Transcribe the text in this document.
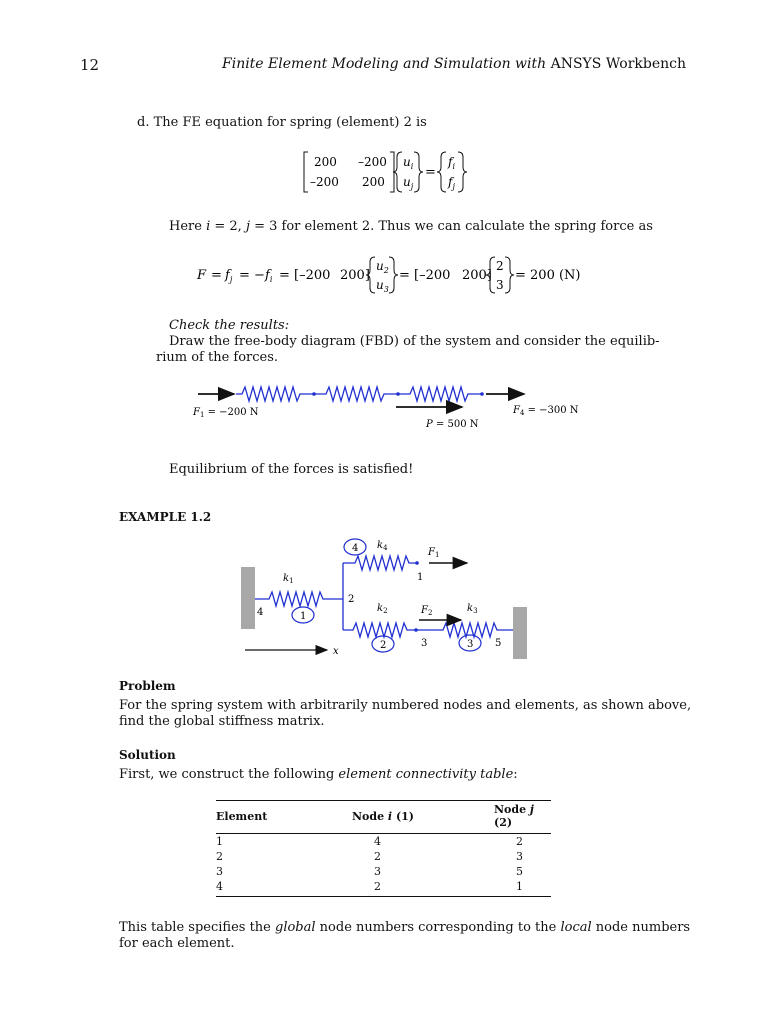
12	Finite Element Modeling and Simulation with ANSYS Workbench
d. The FE equation for spring (element) 2 is
200 –200
–200 200
$u_i$
$u_j$
=
$f_i$
$f_j$
Here i = 2, j = 3 for element 2. Thus we can calculate the spring force as
$F = f_j$ = − $f_i = [-200$ 200]
$u_2$
$u_3$
= [–200 200]
2
3
= 200 (N)
Check the results:
Draw the free-body diagram (FBD) of the system and consider the equilib-
rium of the forces.
$F_1 = -200$ N	$F_4 = -300$ N
P = 500 N
Equilibrium of the forces is satisfied!
EXAMPLE 1.2
4
1
2	3
1
2
3
4
5
$k_1$
$k_4$
$k_2$	$k_3$
$F_1$
$F_2$
x
Problem
For the spring system with arbitrarily numbered nodes and elements, as shown above,
find the global stiffness matrix.
Solution
First, we construct the following element connectivity table:
Element	Node i (1)	Node j (2)
1	4	2
2	2	3
3	3	5
4	2	1
This table specifies the global node numbers corresponding to the local node numbers
for each element.
